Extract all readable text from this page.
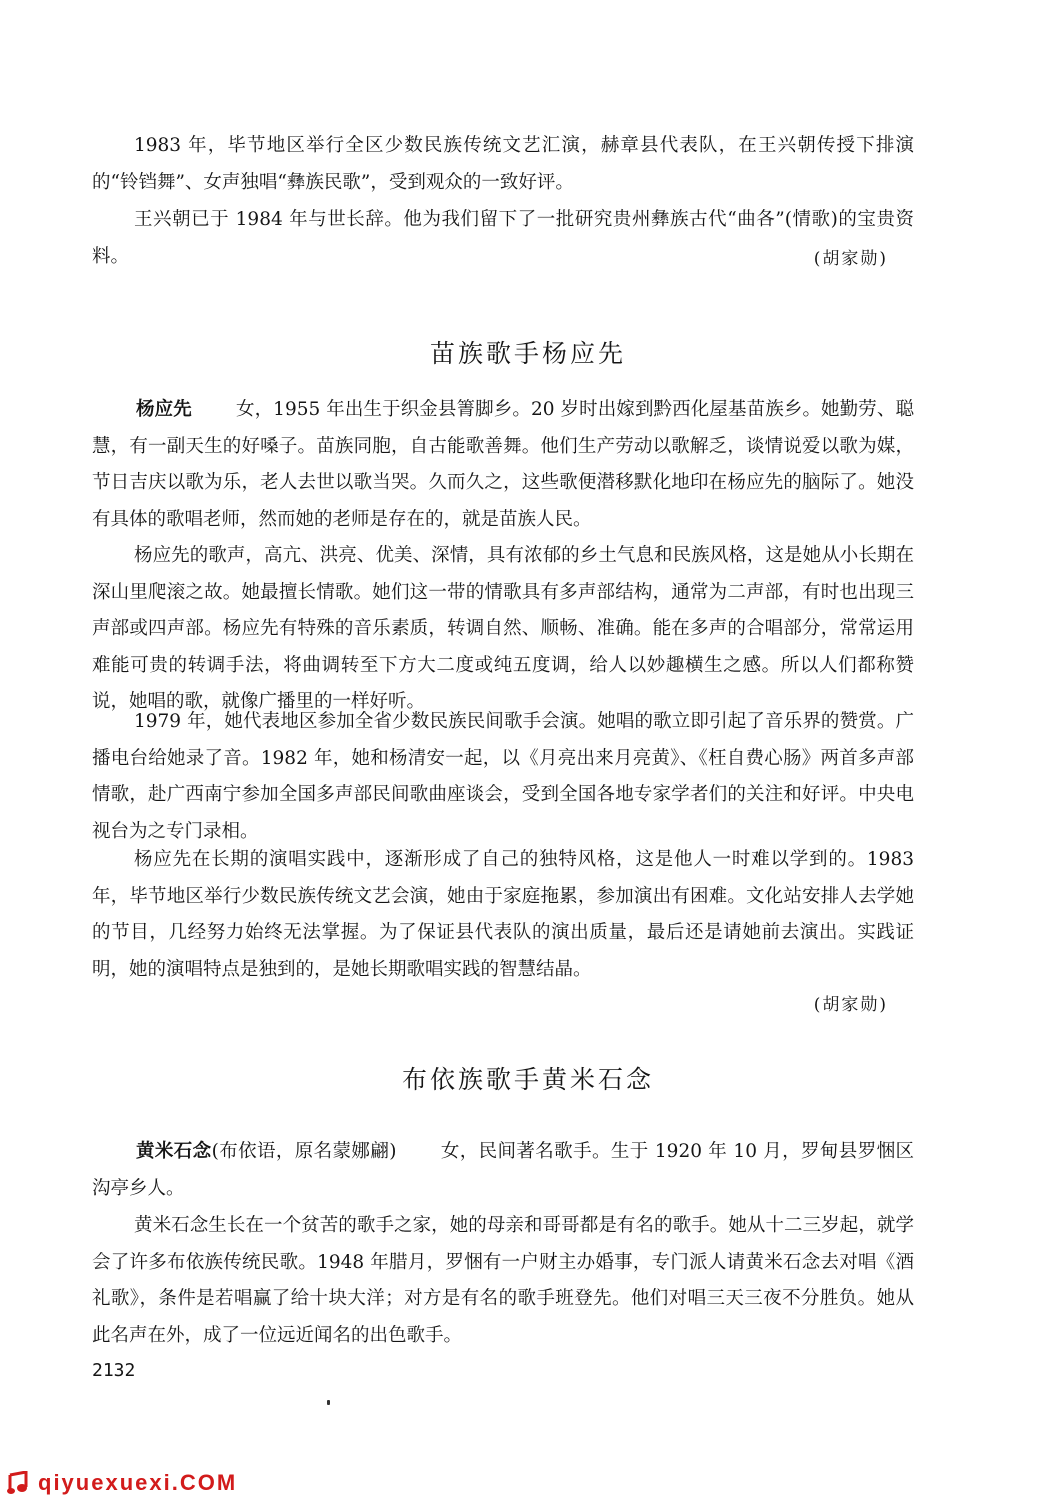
1983 年，毕节地区举行全区少数民族传统文艺汇演，赫章县代表队，在王兴朝传授下排演的“铃铛舞”、女声独唱“彝族民歌”，受到观众的一致好评。

王兴朝已于 1984 年与世长辞。他为我们留下了一批研究贵州彝族古代“曲各”(情歌)的宝贵资料。	(胡家勋)

苗族歌手杨应先

杨应先 女，1955 年出生于织金县箐脚乡。20 岁时出嫁到黔西化屋基苗族乡。她勤劳、聪慧，有一副天生的好嗓子。苗族同胞，自古能歌善舞。他们生产劳动以歌解乏，谈情说爱以歌为媒，节日吉庆以歌为乐，老人去世以歌当哭。久而久之，这些歌便潜移默化地印在杨应先的脑际了。她没有具体的歌唱老师，然而她的老师是存在的，就是苗族人民。

杨应先的歌声，高亢、洪亮、优美、深情，具有浓郁的乡土气息和民族风格，这是她从小长期在深山里爬滚之故。她最擅长情歌。她们这一带的情歌具有多声部结构，通常为二声部，有时也出现三声部或四声部。杨应先有特殊的音乐素质，转调自然、顺畅、准确。能在多声的合唱部分，常常运用难能可贵的转调手法，将曲调转至下方大二度或纯五度调，给人以妙趣横生之感。所以人们都称赞说，她唱的歌，就像广播里的一样好听。

1979 年，她代表地区参加全省少数民族民间歌手会演。她唱的歌立即引起了音乐界的赞赏。广播电台给她录了音。1982 年，她和杨清安一起，以《月亮出来月亮黄》、《枉自费心肠》两首多声部情歌，赴广西南宁参加全国多声部民间歌曲座谈会，受到全国各地专家学者们的关注和好评。中央电视台为之专门录相。

杨应先在长期的演唱实践中，逐渐形成了自己的独特风格，这是他人一时难以学到的。1983 年，毕节地区举行少数民族传统文艺会演，她由于家庭拖累，参加演出有困难。文化站安排人去学她的节目，几经努力始终无法掌握。为了保证县代表队的演出质量，最后还是请她前去演出。实践证明，她的演唱特点是独到的，是她长期歌唱实践的智慧结晶。

(胡家勋)

布依族歌手黄米石念

黄米石念(布依语，原名蒙娜翩) 女，民间著名歌手。生于 1920 年 10 月，罗甸县罗悃区沟亭乡人。

黄米石念生长在一个贫苦的歌手之家，她的母亲和哥哥都是有名的歌手。她从十二三岁起，就学会了许多布依族传统民歌。1948 年腊月，罗悃有一户财主办婚事，专门派人请黄米石念去对唱《酒礼歌》，条件是若唱赢了给十块大洋；对方是有名的歌手班登先。他们对唱三天三夜不分胜负。她从此名声在外，成了一位远近闻名的出色歌手。

2132

qiyuexuexi.COM
